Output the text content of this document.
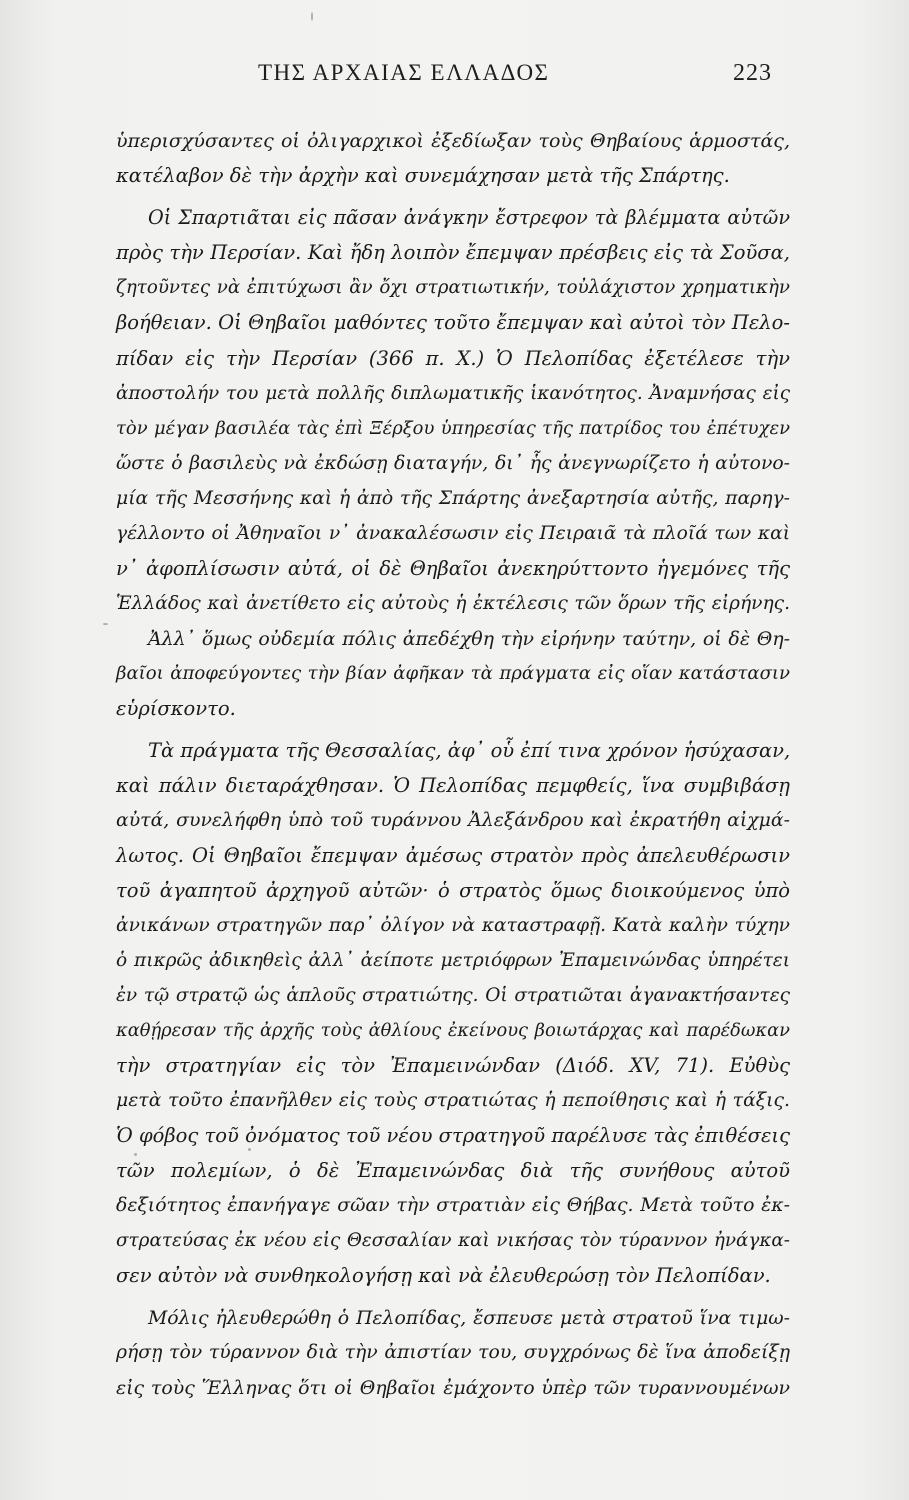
ΤΗΣ ΑΡΧΑΙΑΣ ΕΛΛΑΔΟΣ	223
ὑπερισχύσαντες οἱ ὀλιγαρχικοὶ ἐξεδίωξαν τοὺς Θηβαίους ἁρμοστάς,
κατέλαβον δὲ τὴν ἀρχὴν καὶ συνεμάχησαν μετὰ τῆς Σπάρτης.
Οἱ Σπαρτιᾶται εἰς πᾶσαν ἀνάγκην ἔστρεφον τὰ βλέμματα αὐτῶν
πρὸς τὴν Περσίαν. Καὶ ἤδη λοιπὸν ἔπεμψαν πρέσβεις εἰς τὰ Σοῦσα,
ζητοῦντες νὰ ἐπιτύχωσι ἂν ὄχι στρατιωτικήν, τοὐλάχιστον χρηματικὴν
βοήθειαν. Οἱ Θηβαῖοι μαθόντες τοῦτο ἔπεμψαν καὶ αὐτοὶ τὸν Πελο-
πίδαν εἰς τὴν Περσίαν (366 π. Χ.) Ὁ Πελοπίδας ἐξετέλεσε τὴν
ἀποστολήν του μετὰ πολλῆς διπλωματικῆς ἱκανότητος. Ἀναμνήσας εἰς
τὸν μέγαν βασιλέα τὰς ἐπὶ Ξέρξου ὑπηρεσίας τῆς πατρίδος του ἐπέτυχεν
ὥστε ὁ βασιλεὺς νὰ ἐκδώσῃ διαταγήν, δι᾽ ἧς ἀνεγνωρίζετο ἡ αὐτονο-
μία τῆς Μεσσήνης καὶ ἡ ἀπὸ τῆς Σπάρτης ἀνεξαρτησία αὐτῆς, παρηγ-
γέλλοντο οἱ Ἀθηναῖοι ν᾽ ἀνακαλέσωσιν εἰς Πειραιᾶ τὰ πλοῖά των καὶ
ν᾽ ἀφοπλίσωσιν αὐτά, οἱ δὲ Θηβαῖοι ἀνεκηρύττοντο ἡγεμόνες τῆς
Ἑλλάδος καὶ ἀνετίθετο εἰς αὐτοὺς ἡ ἐκτέλεσις τῶν ὅρων τῆς εἰρήνης.
Ἀλλ᾽ ὅμως οὐδεμία πόλις ἀπεδέχθη τὴν εἰρήνην ταύτην, οἱ δὲ Θη-
βαῖοι ἀποφεύγοντες τὴν βίαν ἀφῆκαν τὰ πράγματα εἰς οἵαν κατάστασιν
εὑρίσκοντο.
Τὰ πράγματα τῆς Θεσσαλίας, ἀφ᾽ οὗ ἐπί τινα χρόνον ἡσύχασαν,
καὶ πάλιν διεταράχθησαν. Ὁ Πελοπίδας πεμφθείς, ἵνα συμβιβάσῃ
αὐτά, συνελήφθη ὑπὸ τοῦ τυράννου Ἀλεξάνδρου καὶ ἐκρατήθη αἰχμά-
λωτος. Οἱ Θηβαῖοι ἔπεμψαν ἀμέσως στρατὸν πρὸς ἀπελευθέρωσιν
τοῦ ἀγαπητοῦ ἀρχηγοῦ αὐτῶν· ὁ στρατὸς ὅμως διοικούμενος ὑπὸ
ἀνικάνων στρατηγῶν παρ᾽ ὀλίγον νὰ καταστραφῇ. Κατὰ καλὴν τύχην
ὁ πικρῶς ἀδικηθεὶς ἀλλ᾽ ἀείποτε μετριόφρων Ἐπαμεινώνδας ὑπηρέτει
ἐν τῷ στρατῷ ὡς ἁπλοῦς στρατιώτης. Οἱ στρατιῶται ἀγανακτήσαντες
καθῄρεσαν τῆς ἀρχῆς τοὺς ἀθλίους ἐκείνους βοιωτάρχας καὶ παρέδωκαν
τὴν στρατηγίαν εἰς τὸν Ἐπαμεινώνδαν (Διόδ. XV, 71). Εὐθὺς
μετὰ τοῦτο ἐπανῆλθεν εἰς τοὺς στρατιώτας ἡ πεποίθησις καὶ ἡ τάξις.
Ὁ φόβος τοῦ ὀνόματος τοῦ νέου στρατηγοῦ παρέλυσε τὰς ἐπιθέσεις
τῶν πολεμίων, ὁ δὲ Ἐπαμεινώνδας διὰ τῆς συνήθους αὐτοῦ
δεξιότητος ἐπανήγαγε σῶαν τὴν στρατιὰν εἰς Θήβας. Μετὰ τοῦτο ἐκ-
στρατεύσας ἐκ νέου εἰς Θεσσαλίαν καὶ νικήσας τὸν τύραννον ἠνάγκα-
σεν αὐτὸν νὰ συνθηκολογήσῃ καὶ νὰ ἐλευθερώσῃ τὸν Πελοπίδαν.
Μόλις ἠλευθερώθη ὁ Πελοπίδας, ἔσπευσε μετὰ στρατοῦ ἵνα τιμω-
ρήσῃ τὸν τύραννον διὰ τὴν ἀπιστίαν του, συγχρόνως δὲ ἵνα ἀποδείξῃ
εἰς τοὺς Ἕλληνας ὅτι οἱ Θηβαῖοι ἐμάχοντο ὑπὲρ τῶν τυραννουμένων
